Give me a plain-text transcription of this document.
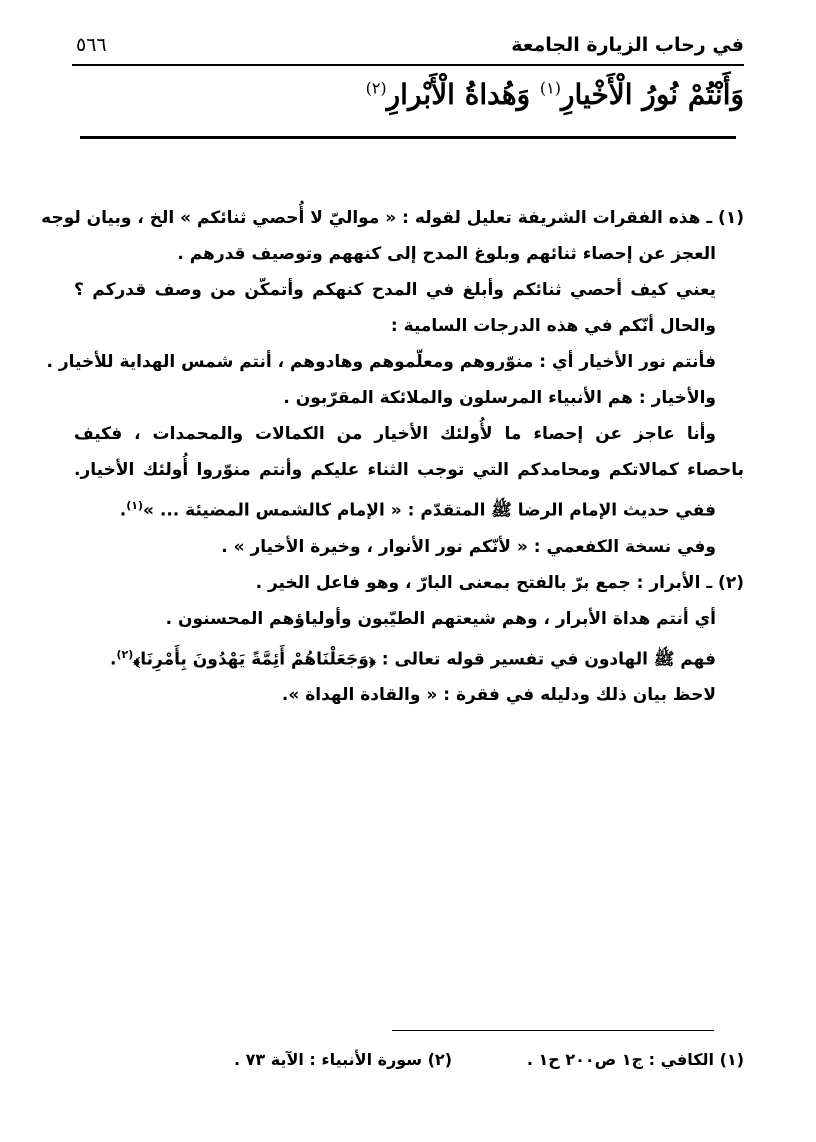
في رحاب الزيارة الجامعة
٥٦٦
وَأَنْتُمْ نُورُ الْأَخْيارِ$^{(١)}$ وَهُداةُ الْأَبْرارِ$^{(٢)}$

(١) ـ هذه الفقرات الشريفة تعليل لقوله : « مواليّ لا أُحصي ثنائكم » الخ ، وبيان لوجه

العجز عن إحصاء ثنائهم وبلوغ المدح إلى كنههم وتوصيف قدرهم .

يعني كيف أحصي ثنائكم وأبلغ في المدح كنهكم وأتمكّن من وصف قدركم ؟

والحال أنّكم في هذه الدرجات السامية :

فأنتم نور الأخيار أي : منوّروهم ومعلّموهم وهادوهم ، أنتم شمس الهداية للأخيار .

والأخيار : هم الأنبياء المرسلون والملائكة المقرّبون .

وأنا عاجز عن إحصاء ما لأُولئك الأخيار من الكمالات والمحمدات ، فكيف

باحصاء كمالاتكم ومحامدكم التي توجب الثناء عليكم وأنتم منوّروا أُولئك الأخيار.

ففي حديث الإمام الرضا ﷺ المتقدّم : « الإمام كالشمس المضيئة ... »$^{(١)}$.

وفي نسخة الكفعمي : « لأنّكم نور الأنوار ، وخيرة الأخيار » .

(٢) ـ الأبرار : جمع برّ بالفتح بمعنى البارّ ، وهو فاعل الخير .

أي أنتم هداة الأبرار ، وهم شيعتهم الطيّبون وأولياؤهم المحسنون .

فهم ﷺ الهادون في تفسير قوله تعالى : ﴿وَجَعَلْنَاهُمْ أَئِمَّةً يَهْدُونَ بِأَمْرِنَا﴾$^{(٢)}$.

لاحظ بيان ذلك ودليله في فقرة : « والقادة الهداة ».

(١) الكافي : ج١ ص٢٠٠ ح١ .
(٢) سورة الأنبياء : الآية ٧٣ .
